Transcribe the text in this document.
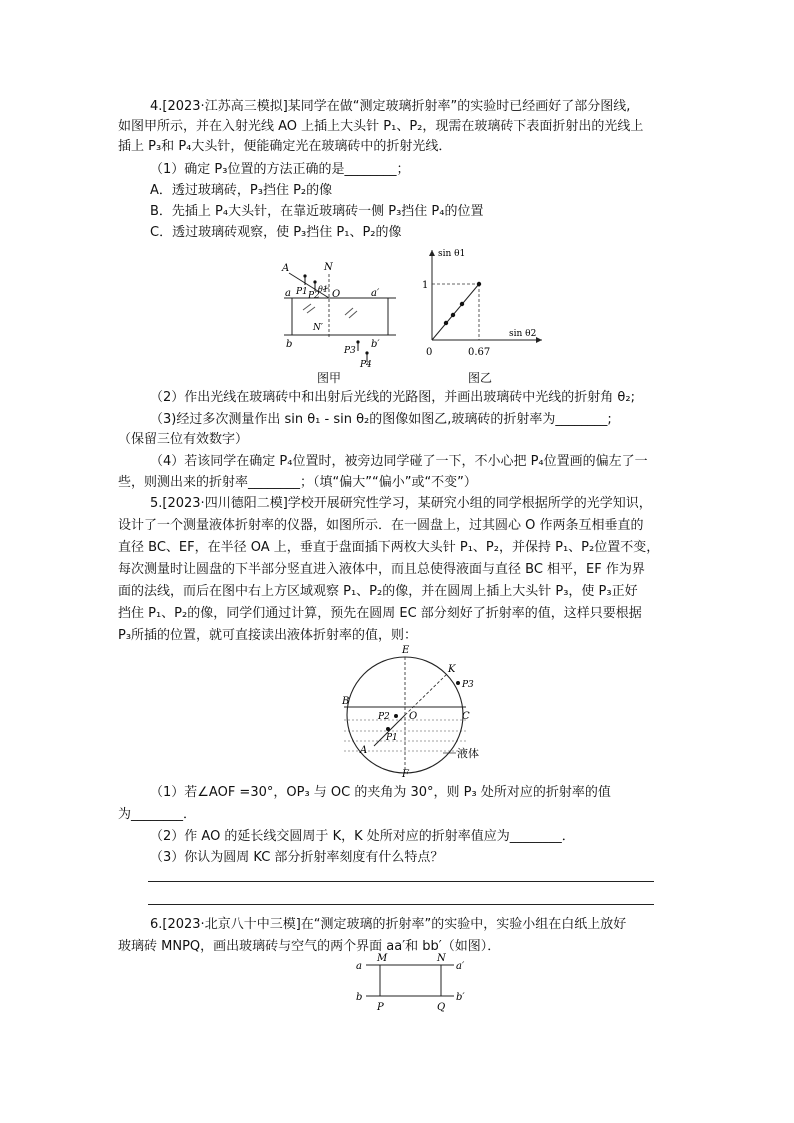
4.[2023·江苏高三模拟]某同学在做“测定玻璃折射率”的实验时已经画好了部分图线,
如图甲所示，并在入射光线 AO 上插上大头针 P₁、P₂，现需在玻璃砖下表面折射出的光线上
插上 P₃和 P₄大头针，便能确定光在玻璃砖中的折射光线．
（1）确定 P₃位置的方法正确的是________；
A．透过玻璃砖，P₃挡住 P₂的像
B．先插上 P₄大头针，在靠近玻璃砖一侧 P₃挡住 P₄的位置
C．透过玻璃砖观察，使 P₃挡住 P₁、P₂的像
A	N
P1 P2
θ1 O
a	a′
N′
b	b′
P3
P4
图甲
sin θ1
sin θ2
0
1
0.67
图乙
（2）作出光线在玻璃砖中和出射后光线的光路图，并画出玻璃砖中光线的折射角 θ₂;
（3)经过多次测量作出 sin θ₁ - sin θ₂的图像如图乙,玻璃砖的折射率为________;
（保留三位有效数字）
（4）若该同学在确定 P₄位置时，被旁边同学碰了一下，不小心把 P₄位置画的偏左了一
些，则测出来的折射率________；（填“偏大”“偏小”或“不变”）
5.[2023·四川德阳二模]学校开展研究性学习，某研究小组的同学根据所学的光学知识，
设计了一个测量液体折射率的仪器，如图所示．在一圆盘上，过其圆心 O 作两条互相垂直的
直径 BC、EF，在半径 OA 上，垂直于盘面插下两枚大头针 P₁、P₂，并保持 P₁、P₂位置不变，
每次测量时让圆盘的下半部分竖直进入液体中，而且总使得液面与直径 BC 相平，EF 作为界
面的法线，而后在图中右上方区域观察 P₁、P₂的像，并在圆周上插上大头针 P₃，使 P₃正好
挡住 P₁、P₂的像，同学们通过计算，预先在圆周 EC 部分刻好了折射率的值，这样只要根据
P₃所插的位置，就可直接读出液体折射率的值，则：
E
K
P3
B
C
P2 O
P1
A	液体
F
（1）若∠AOF =30°，OP₃ 与 OC 的夹角为 30°，则 P₃ 处所对应的折射率的值
为________．
（2）作 AO 的延长线交圆周于 K，K 处所对应的折射率值应为________．
（3）你认为圆周 KC 部分折射率刻度有什么特点？
6.[2023·北京八十中三模]在“测定玻璃的折射率”的实验中，实验小组在白纸上放好
玻璃砖 MNPQ，画出玻璃砖与空气的两个界面 aa′和 bb′（如图）．
a
M	N
a′
b
P	Q
b′
